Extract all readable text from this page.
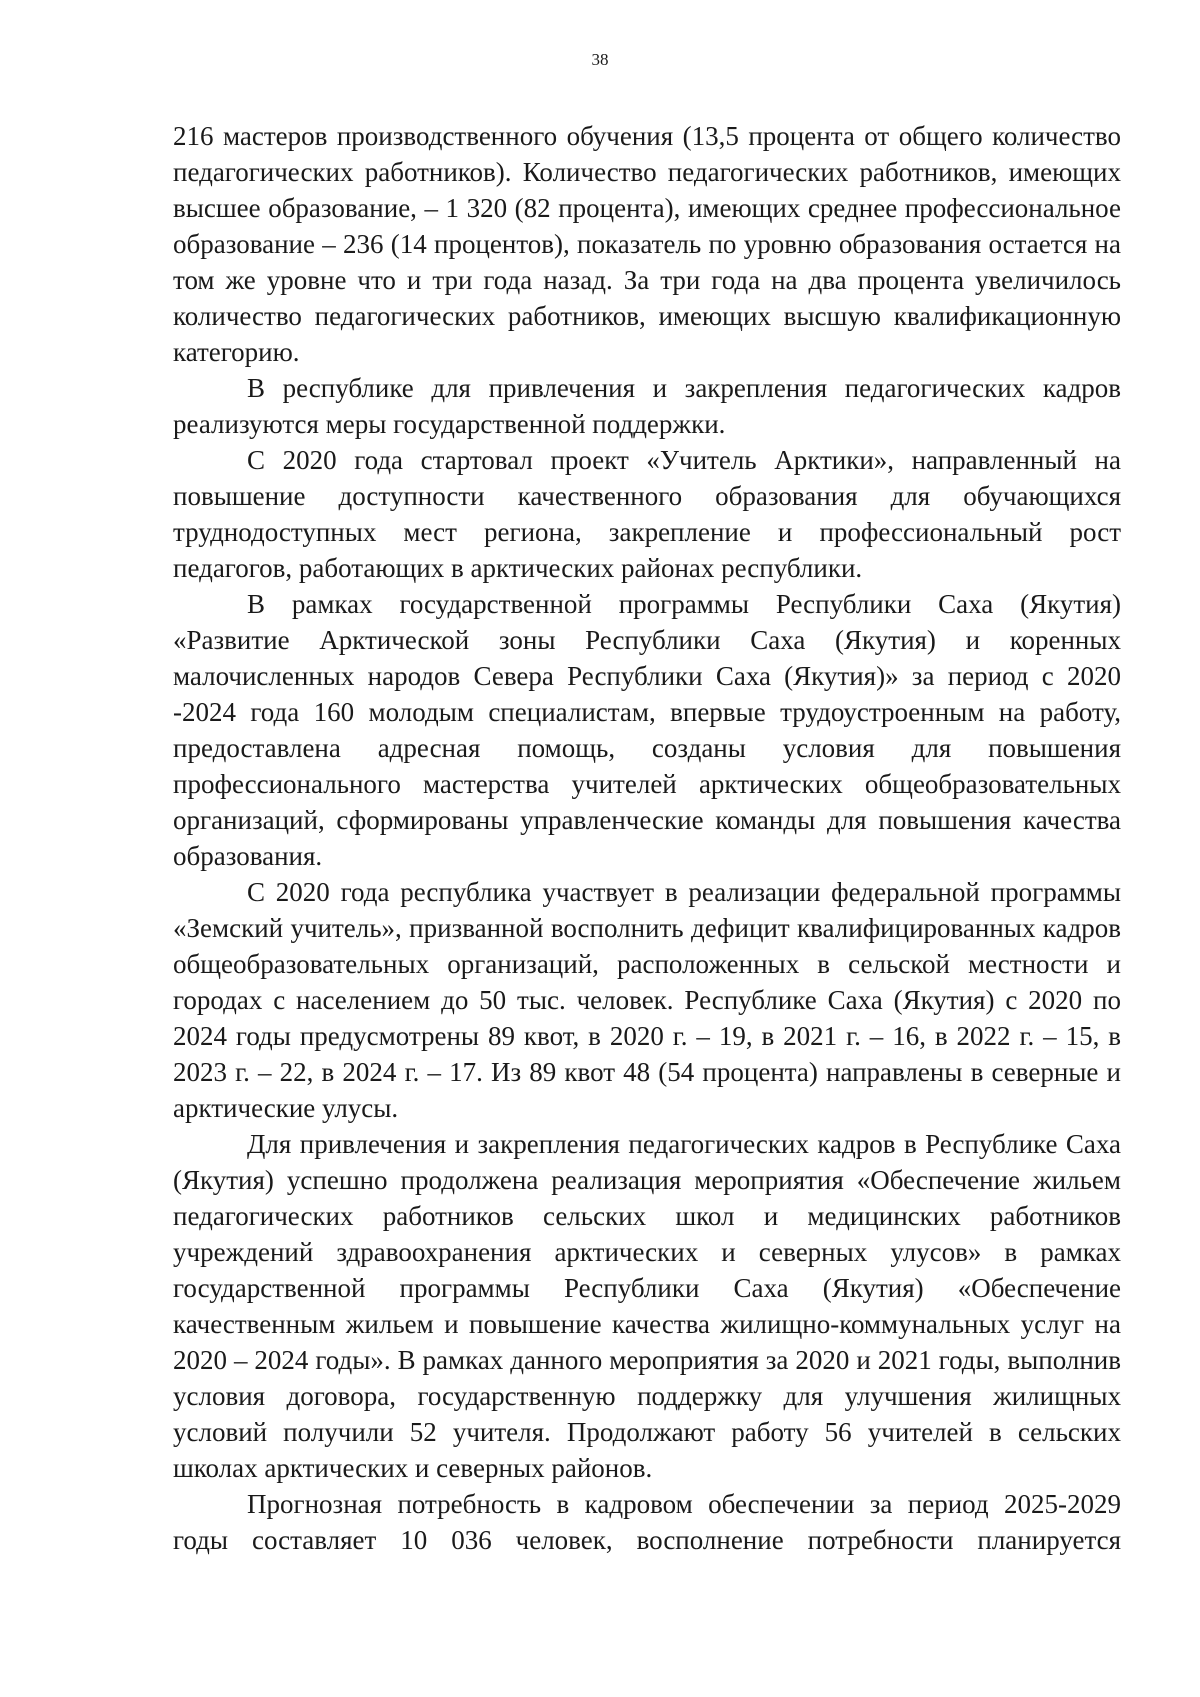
38

216 мастеров производственного обучения (13,5 процента от общего количество педагогических работников). Количество педагогических работников, имеющих высшее образование, – 1 320 (82 процента), имеющих среднее профессиональное образование – 236 (14 процентов), показатель по уровню образования остается на том же уровне что и три года назад. За три года на два процента увеличилось количество педагогических работников, имеющих высшую квалификационную категорию.

В республике для привлечения и закрепления педагогических кадров реализуются меры государственной поддержки.

С 2020 года стартовал проект «Учитель Арктики», направленный на повышение доступности качественного образования для обучающихся труднодоступных мест региона, закрепление и профессиональный рост педагогов, работающих в арктических районах республики.

В рамках государственной программы Республики Саха (Якутия) «Развитие Арктической зоны Республики Саха (Якутия) и коренных малочисленных народов Севера Республики Саха (Якутия)» за период с 2020 -2024 года 160 молодым специалистам, впервые трудоустроенным на работу, предоставлена адресная помощь, созданы условия для повышения профессионального мастерства учителей арктических общеобразовательных организаций, сформированы управленческие команды для повышения качества образования.

С 2020 года республика участвует в реализации федеральной программы «Земский учитель», призванной восполнить дефицит квалифицированных кадров общеобразовательных организаций, расположенных в сельской местности и городах с населением до 50 тыс. человек. Республике Саха (Якутия) с 2020 по 2024 годы предусмотрены 89 квот, в 2020 г. – 19, в 2021 г. – 16, в 2022 г. – 15, в 2023 г. – 22, в 2024 г. – 17. Из 89 квот 48 (54 процента) направлены в северные и арктические улусы.

Для привлечения и закрепления педагогических кадров в Республике Саха (Якутия) успешно продолжена реализация мероприятия «Обеспечение жильем педагогических работников сельских школ и медицинских работников учреждений здравоохранения арктических и северных улусов» в рамках государственной программы Республики Саха (Якутия) «Обеспечение качественным жильем и повышение качества жилищно-коммунальных услуг на 2020 – 2024 годы». В рамках данного мероприятия за 2020 и 2021 годы, выполнив условия договора, государственную поддержку для улучшения жилищных условий получили 52 учителя. Продолжают работу 56 учителей в сельских школах арктических и северных районов.

Прогнозная потребность в кадровом обеспечении за период 2025-2029 годы составляет 10 036 человек, восполнение потребности планируется
